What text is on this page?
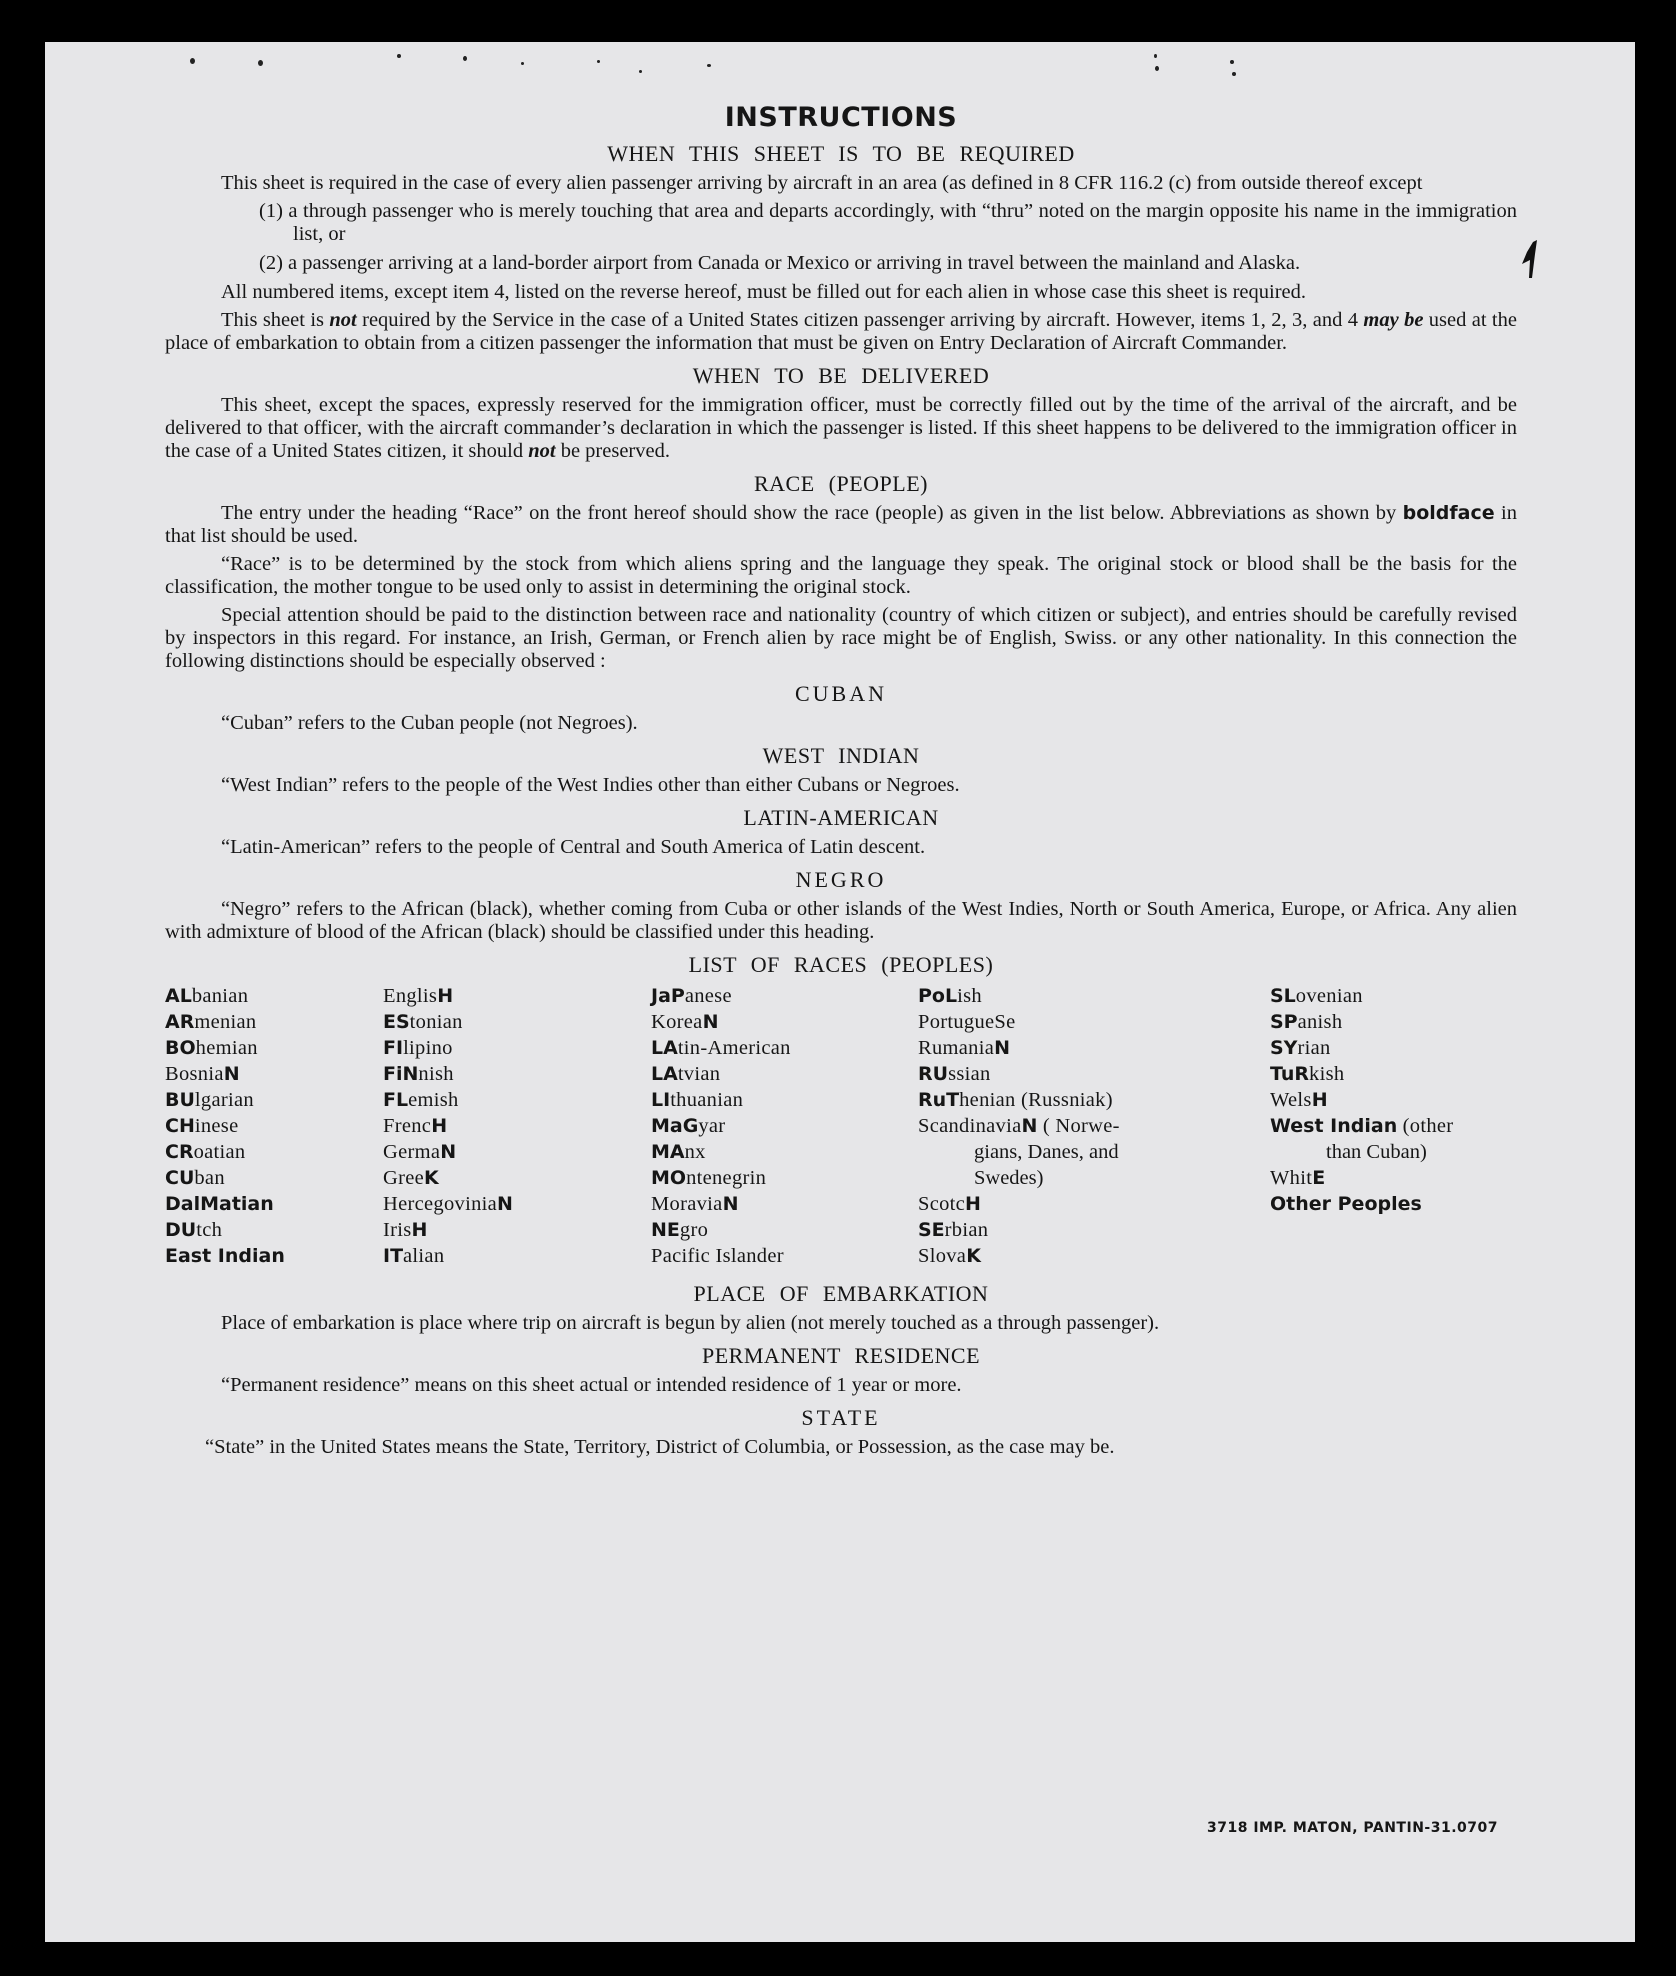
INSTRUCTIONS
WHEN THIS SHEET IS TO BE REQUIRED

This sheet is required in the case of every alien passenger arriving by aircraft in an area (as defined in 8 CFR 116.2 (c) from outside thereof except

(1) a through passenger who is merely touching that area and departs accordingly, with “thru” noted on the margin opposite his name in the immigration list, or

(2) a passenger arriving at a land-border airport from Canada or Mexico or arriving in travel between the mainland and Alaska.

All numbered items, except item 4, listed on the reverse hereof, must be filled out for each alien in whose case this sheet is required.

This sheet is not required by the Service in the case of a United States citizen passenger arriving by aircraft. However, items 1, 2, 3, and 4 may be used at the place of embarkation to obtain from a citizen passenger the information that must be given on Entry Declaration of Aircraft Commander.

WHEN TO BE DELIVERED

This sheet, except the spaces, expressly reserved for the immigration officer, must be correctly filled out by the time of the arrival of the aircraft, and be delivered to that officer, with the aircraft commander’s declaration in which the passenger is listed. If this sheet happens to be delivered to the immigration officer in the case of a United States citizen, it should not be preserved.

RACE (PEOPLE)

The entry under the heading “Race” on the front hereof should show the race (people) as given in the list below. Abbreviations as shown by boldface in that list should be used.

“Race” is to be determined by the stock from which aliens spring and the language they speak. The original stock or blood shall be the basis for the classification, the mother tongue to be used only to assist in determining the original stock.

Special attention should be paid to the distinction between race and nationality (country of which citizen or subject), and entries should be carefully revised by inspectors in this regard. For instance, an Irish, German, or French alien by race might be of English, Swiss. or any other nationality. In this connection the following distinctions should be especially observed :

CUBAN

“Cuban” refers to the Cuban people (not Negroes).

WEST INDIAN

“West Indian” refers to the people of the West Indies other than either Cubans or Negroes.

LATIN-AMERICAN

“Latin-American” refers to the people of Central and South America of Latin descent.

NEGRO

“Negro” refers to the African (black), whether coming from Cuba or other islands of the West Indies, North or South America, Europe, or Africa. Any alien with admixture of blood of the African (black) should be classified under this heading.

LIST OF RACES (PEOPLES)
ALbanian
ARmenian
BOhemian
BosniaN
BUlgarian
CHinese
CRoatian
CUban
DalMatian
DUtch
East Indian
EnglisH
EStonian
FIlipino
FiNnish
FLemish
FrencH
GermaN
GreeK
HercegoviniaN
IrisH
ITalian
JaPanese
KoreaN
LAtin-American
LAtvian
LIthuanian
MaGyar
MAnx
MOntenegrin
MoraviaN
NEgro
Pacific Islander
PoLish
PortugueSe
RumaniaN
RUssian
RuThenian (Russniak)
ScandinaviaN ( Norwe-
gians, Danes, and
Swedes)
ScotcH
SErbian
SlovaK
SLovenian
SPanish
SYrian
TuRkish
WelsH
West Indian (other
than Cuban)
WhitE
Other Peoples
PLACE OF EMBARKATION

Place of embarkation is place where trip on aircraft is begun by alien (not merely touched as a through passenger).

PERMANENT RESIDENCE

“Permanent residence” means on this sheet actual or intended residence of 1 year or more.

STATE

“State” in the United States means the State, Territory, District of Columbia, or Possession, as the case may be.

3718 IMP. MATON, PANTIN-31.0707
